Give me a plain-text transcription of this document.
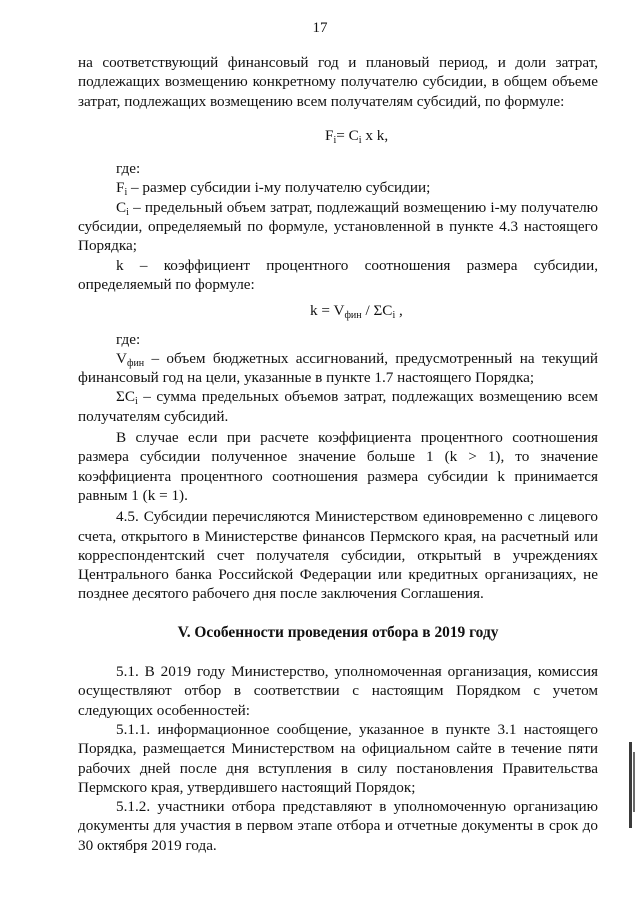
17

на соответствующий финансовый год и плановый период, и доли затрат, подлежащих возмещению конкретному получателю субсидии, в общем объеме затрат, подлежащих возмещению всем получателям субсидий, по формуле:

$F_i= C_i$ x k,

где:

$F_i$ – размер субсидии i-му получателю субсидии;

$C_i$ – предельный объем затрат, подлежащий возмещению i-му получателю субсидии, определяемый по формуле, установленной в пункте 4.3 настоящего Порядка;

k – коэффициент процентного соотношения размера субсидии, определяемый по формуле:

$k = V_{фин} / \Sigma C_i$ ,

где:

$V_{фин}$ – объем бюджетных ассигнований, предусмотренный на текущий финансовый год на цели, указанные в пункте 1.7 настоящего Порядка;

$\Sigma C_i$ – сумма предельных объемов затрат, подлежащих возмещению всем получателям субсидий.

В случае если при расчете коэффициента процентного соотношения размера субсидии полученное значение больше 1 (k > 1), то значение коэффициента процентного соотношения размера субсидии k принимается равным 1 (k = 1).

4.5. Субсидии перечисляются Министерством единовременно с лицевого счета, открытого в Министерстве финансов Пермского края, на расчетный или корреспондентский счет получателя субсидии, открытый в учреждениях Центрального банка Российской Федерации или кредитных организациях, не позднее десятого рабочего дня после заключения Соглашения.

V. Особенности проведения отбора в 2019 году

5.1. В 2019 году Министерство, уполномоченная организация, комиссия осуществляют отбор в соответствии с настоящим Порядком с учетом следующих особенностей:

5.1.1. информационное сообщение, указанное в пункте 3.1 настоящего Порядка, размещается Министерством на официальном сайте в течение пяти рабочих дней после дня вступления в силу постановления Правительства Пермского края, утвердившего настоящий Порядок;

5.1.2. участники отбора представляют в уполномоченную организацию документы для участия в первом этапе отбора и отчетные документы в срок до 30 октября 2019 года.
